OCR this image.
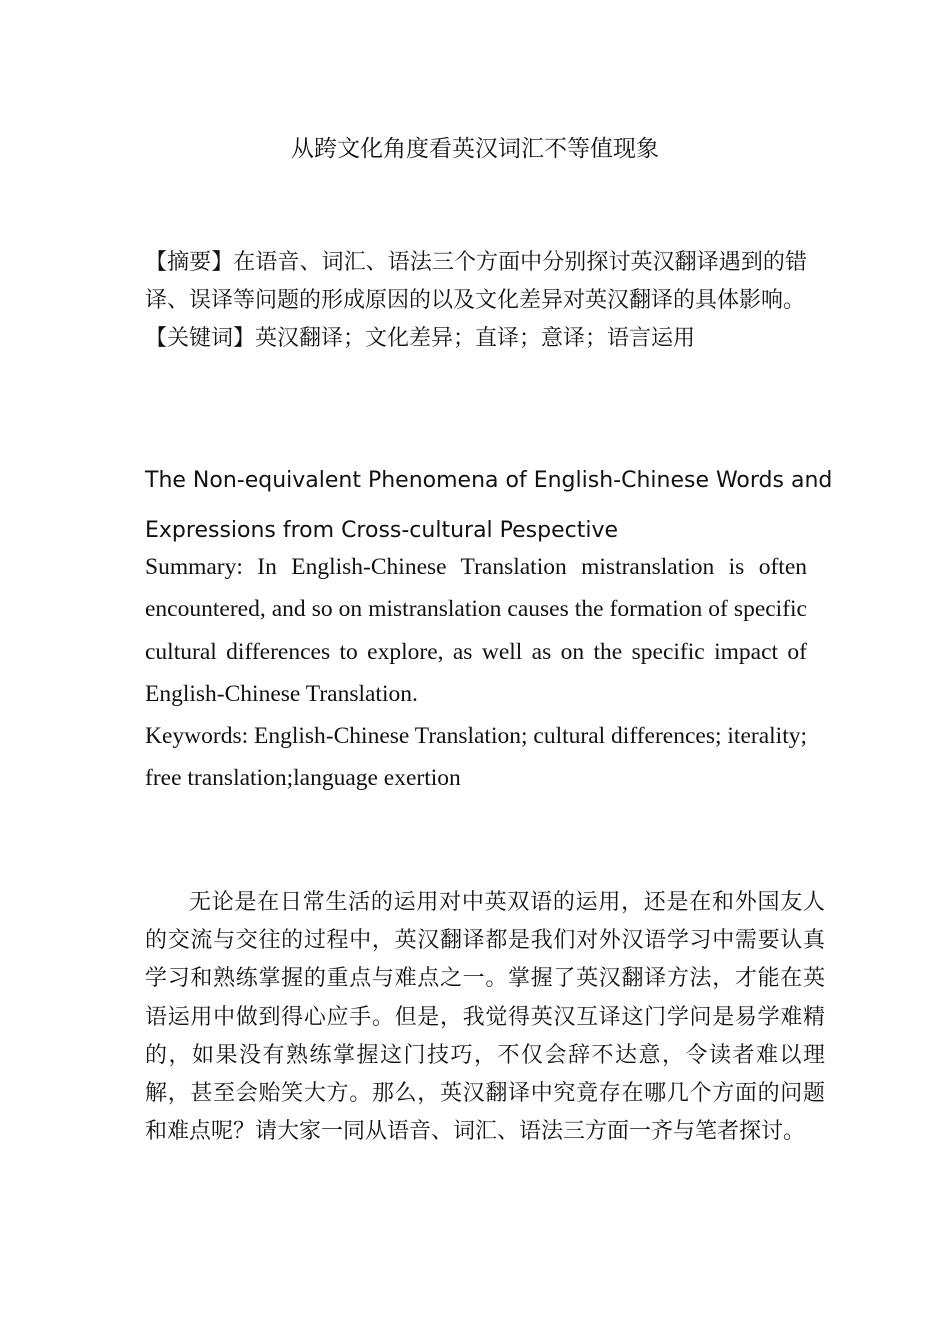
从跨文化角度看英汉词汇不等值现象

【摘要】在语音、词汇、语法三个方面中分别探讨英汉翻译遇到的错译、误译等问题的形成原因的以及文化差异对英汉翻译的具体影响。

【关键词】英汉翻译；文化差异；直译；意译；语言运用

The Non-equivalent Phenomena of English-Chinese Words and
Expressions from Cross-cultural Pespective

Summary: In English-Chinese Translation mistranslation is often encountered, and so on mistranslation causes the formation of specific cultural differences to explore, as well as on the specific impact of English-Chinese Translation.

Keywords: English-Chinese Translation; cultural differences; iterality; free translation;language exertion

无论是在日常生活的运用对中英双语的运用，还是在和外国友人的交流与交往的过程中，英汉翻译都是我们对外汉语学习中需要认真学习和熟练掌握的重点与难点之一。掌握了英汉翻译方法，才能在英语运用中做到得心应手。但是，我觉得英汉互译这门学问是易学难精的，如果没有熟练掌握这门技巧，不仅会辞不达意，令读者难以理解，甚至会贻笑大方。那么，英汉翻译中究竟存在哪几个方面的问题和难点呢？请大家一同从语音、词汇、语法三方面一齐与笔者探讨。
